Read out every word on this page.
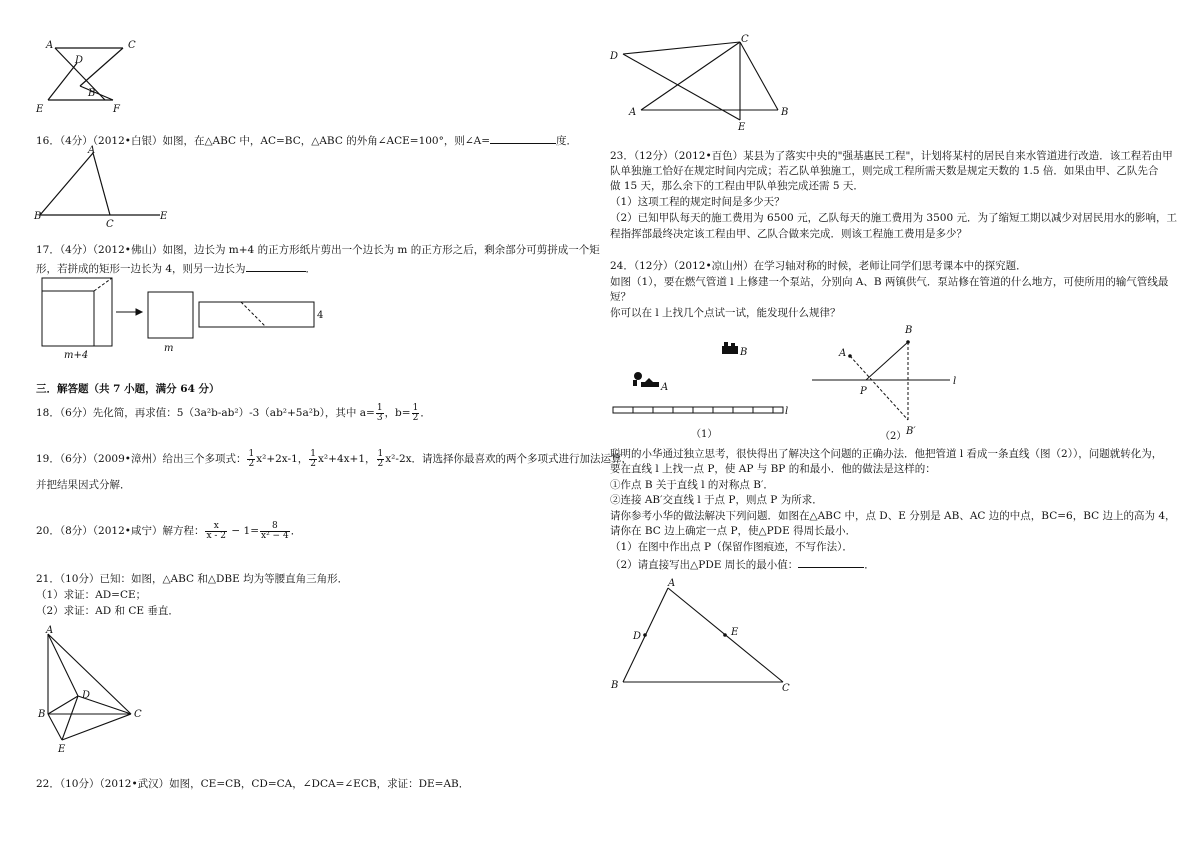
A	C
D
B
E	F
16．（4分）（2012•白银）如图，在△ABC 中，AC=BC，△ABC 的外角∠ACE=100°，则∠A=	度．
A
B
C
E
17．（4分）（2012•佛山）如图，边长为 m+4 的正方形纸片剪出一个边长为 m 的正方形之后，剩余部分可剪拼成一个矩
形，若拼成的矩形一边长为 4，则另一边长为	．
m+4
m
4
三．解答题（共 7 小题，满分 64 分）
18．（6分）先化简，再求值：5（3a²b-ab²）-3（ab²+5a²b），其中 $a= \frac{1}{3}$ ，$b= \frac{1}{2}$ ．
19．（6分）（2009•漳州）给出三个多项式： $\frac{1}{2} x^2+2x-1$， $\frac{1}{2} x^2+4x+1$， $\frac{1}{2} x^2-2x$．请选择你最喜欢的两个多项式进行加法运算，
并把结果因式分解．
20．（8分）（2012•咸宁）解方程： $\frac{x}{x - 2} - 1= \frac{8}{\text{x² − 4}}$ ．
21．（10分）已知：如图，△ABC 和△DBE 均为等腰直角三角形．
（1）求证：AD=CE；
（2）求证：AD 和 CE 垂直．
A
B	C
D
E
22．（10分）（2012•武汉）如图，CE=CB，CD=CA，∠DCA=∠ECB，求证：DE=AB．
D
C
A	B
E
23．（12分）（2012•百色）某县为了落实中央的"强基惠民工程"，计划将某村的居民自来水管道进行改造．该工程若由甲
队单独施工恰好在规定时间内完成；若乙队单独施工，则完成工程所需天数是规定天数的 1.5 倍．如果由甲、乙队先合
做 15 天，那么余下的工程由甲队单独完成还需 5 天．
（1）这项工程的规定时间是多少天？
（2）已知甲队每天的施工费用为 6500 元，乙队每天的施工费用为 3500 元．为了缩短工期以减少对居民用水的影响，工
程指挥部最终决定该工程由甲、乙队合做来完成．则该工程施工费用是多少？
24．（12分）（2012•凉山州）在学习轴对称的时候，老师让同学们思考课本中的探究题．
如图（1），要在燃气管道 l 上修建一个泵站，分别向 A、B 两镇供气．泵站修在管道的什么地方，可使所用的输气管线最
短？
你可以在 l 上找几个点试一试，能发现什么规律？
A
B
l
（1）
A
B
P
l
B′
（2）
聪明的小华通过独立思考，很快得出了解决这个问题的正确办法．他把管道 l 看成一条直线（图（2）），问题就转化为，
要在直线 l 上找一点 P，使 AP 与 BP 的和最小．他的做法是这样的：
①作点 B 关于直线 l 的对称点 B′．
②连接 AB′交直线 l 于点 P，则点 P 为所求．
请你参考小华的做法解决下列问题．如图在△ABC 中，点 D、E 分别是 AB、AC 边的中点，BC=6，BC 边上的高为 4，
请你在 BC 边上确定一点 P，使△PDE 得周长最小．
（1）在图中作出点 P（保留作图痕迹，不写作法）．
（2）请直接写出△PDE 周长的最小值：	．
A
D	E
B	C
